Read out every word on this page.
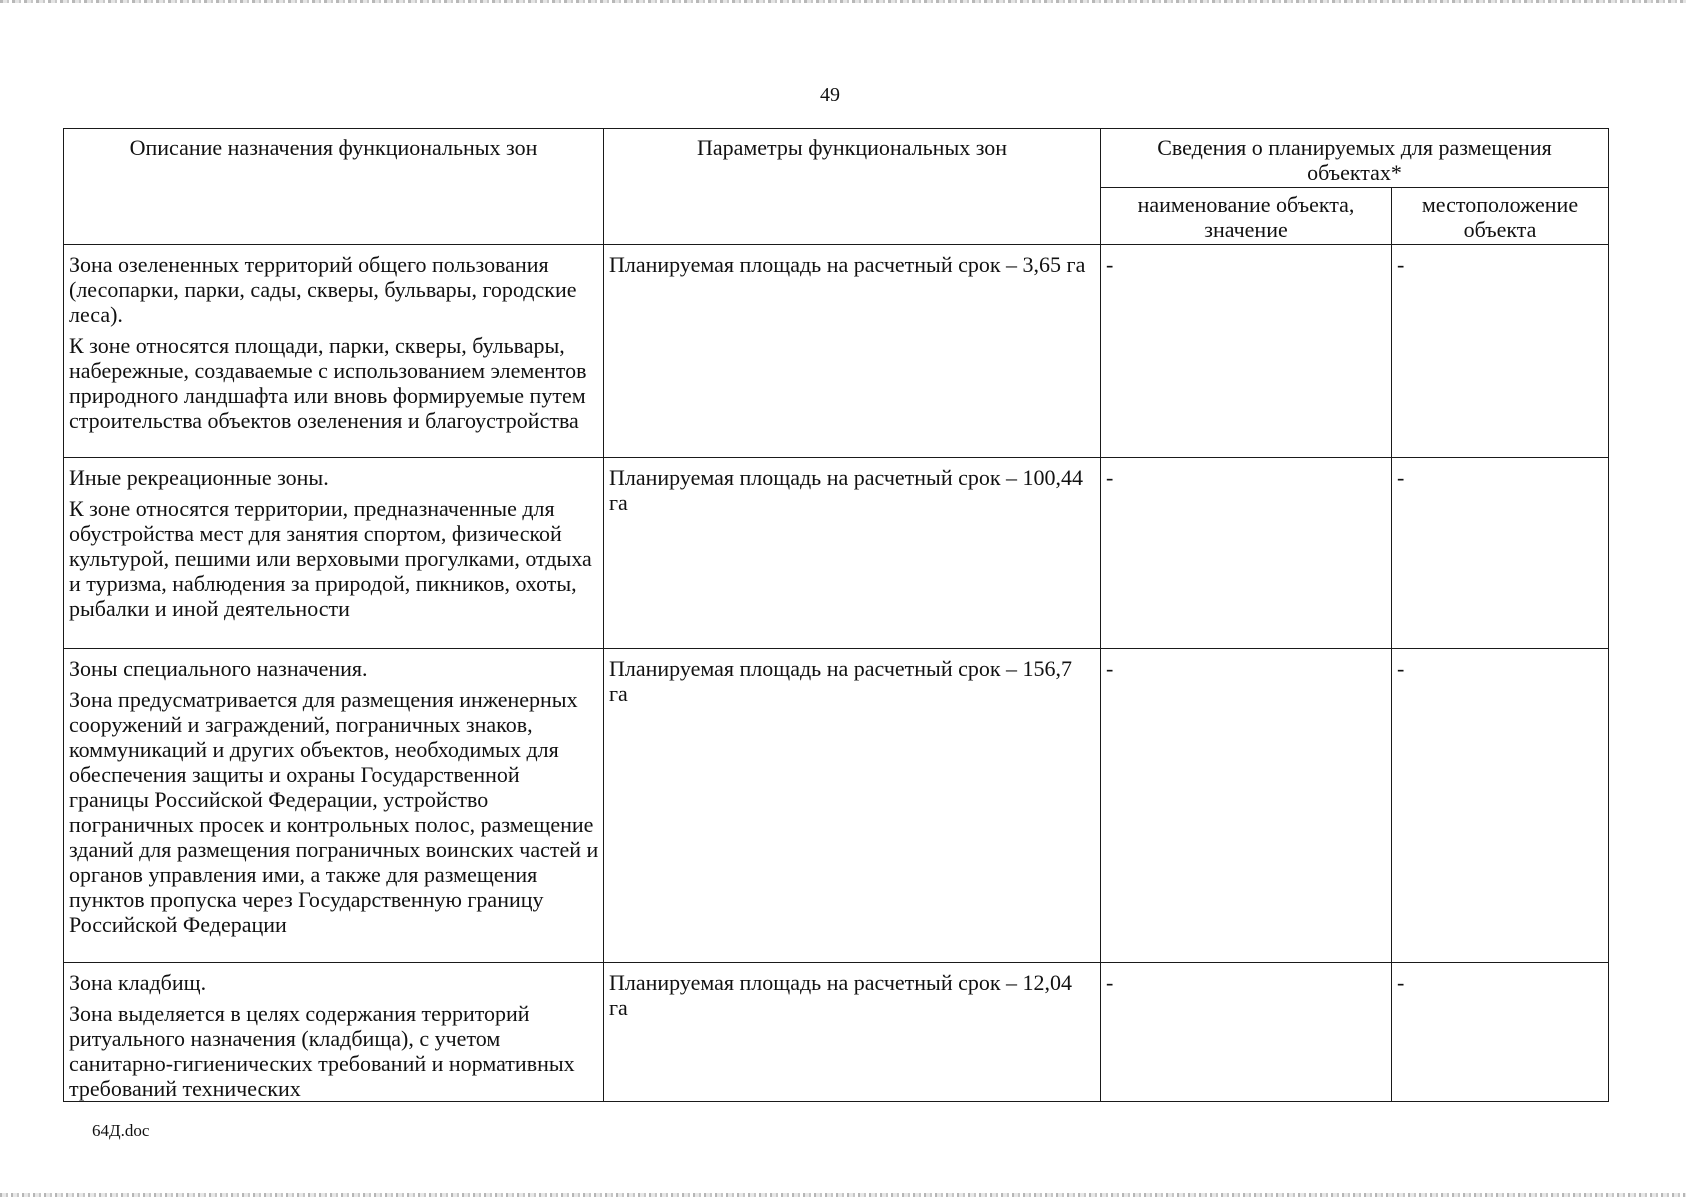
49
Описание назначения функциональных зон	Параметры функциональных зон	Сведения о планируемых для размещения объектах*	
		наименование объекта, значение	местоположение объекта

Зона озелененных территорий общего пользования (лесопарки, парки, сады, скверы, бульвары, городские леса).

К зоне относятся площади, парки, скверы, бульвары, набережные, создаваемые с использованием элементов природного ландшафта или вновь формируемые путем строительства объектов озеленения и благоустройства	Планируемая площадь на расчетный срок – 3,65 га	-	-

Иные рекреационные зоны.

К зоне относятся территории, предназначенные для обустройства мест для занятия спортом, физической культурой, пешими или верховыми прогулками, отдыха и туризма, наблюдения за природой, пикников, охоты, рыбалки и иной деятельности	Планируемая площадь на расчетный срок – 100,44 га	-	-

Зоны специального назначения.

Зона предусматривается для размещения инженерных сооружений и заграждений, пограничных знаков, коммуникаций и других объектов, необходимых для обеспечения защиты и охраны Государственной границы Российской Федерации, устройство пограничных просек и контрольных полос, размещение зданий для размещения пограничных воинских частей и органов управления ими, а также для размещения пунктов пропуска через Государственную границу Российской Федерации	Планируемая площадь на расчетный срок – 156,7 га	-	-

Зона кладбищ.

Зона выделяется в целях содержания территорий ритуального назначения (кладбища), с учетом санитарно-гигиенических требований и нормативных требований технических	Планируемая площадь на расчетный срок – 12,04 га	-	-
64Д.doc
